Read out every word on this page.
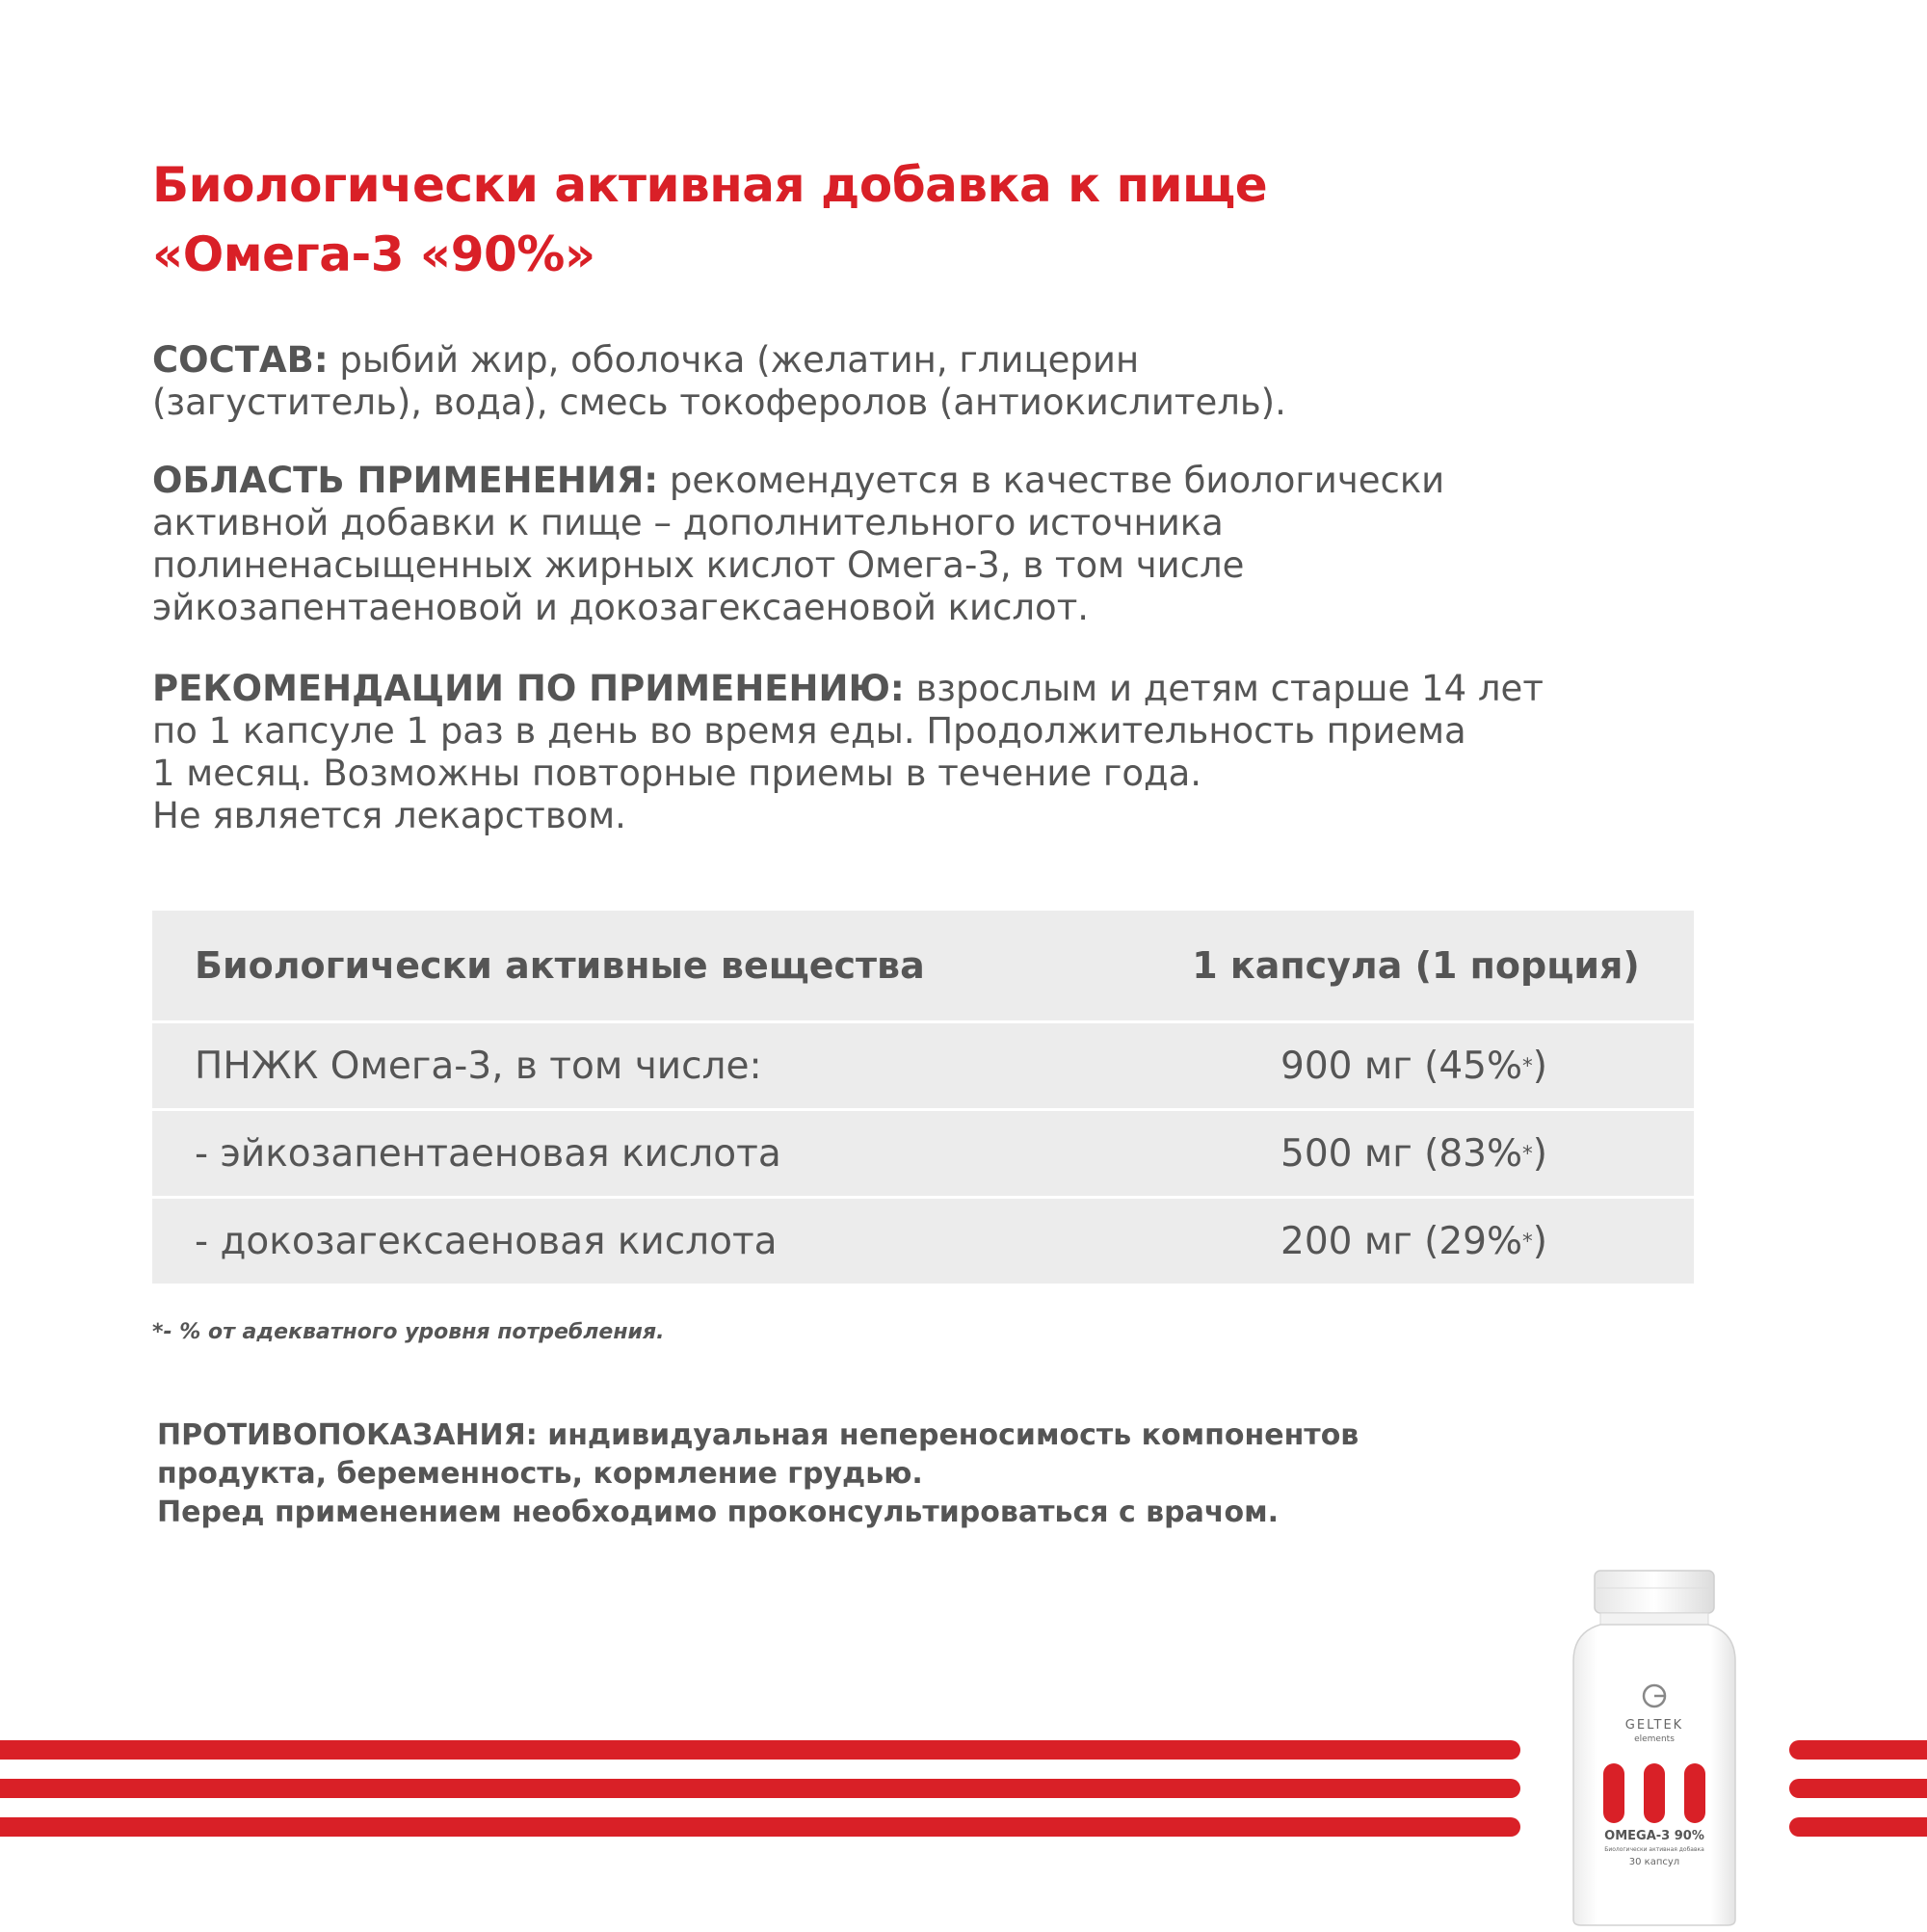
Биологически активная добавка к пище
«Омега-3 «90%»
СОСТАВ: рыбий жир, оболочка (желатин, глицерин
(загуститель), вода), смесь токоферолов (антиокислитель).
ОБЛАСТЬ ПРИМЕНЕНИЯ: рекомендуется в качестве биологически
активной добавки к пище – дополнительного источника
полиненасыщенных жирных кислот Омега-3, в том числе
эйкозапентаеновой и докозагексаеновой кислот.
РЕКОМЕНДАЦИИ ПО ПРИМЕНЕНИЮ: взрослым и детям старше 14 лет
по 1 капсуле 1 раз в день во время еды. Продолжительность приема
1 месяц. Возможны повторные приемы в течение года.
Не является лекарством.
Биологически активные вещества	1 капсула (1 порция)
ПНЖК Омега-3, в том числе:	900 мг (45% * )
- эйкозапентаеновая кислота	500 мг (83% * )
- докозагексаеновая кислота	200 мг (29% * )
*- % от адекватного уровня потребления.
ПРОТИВОПОКАЗАНИЯ: индивидуальная непереносимость компонентов
продукта, беременность, кормление грудью.
Перед применением необходимо проконсультироваться с врачом.
GELTEK
elements
OMEGA-3 90%
Биологически активная добавка
30 капсул
